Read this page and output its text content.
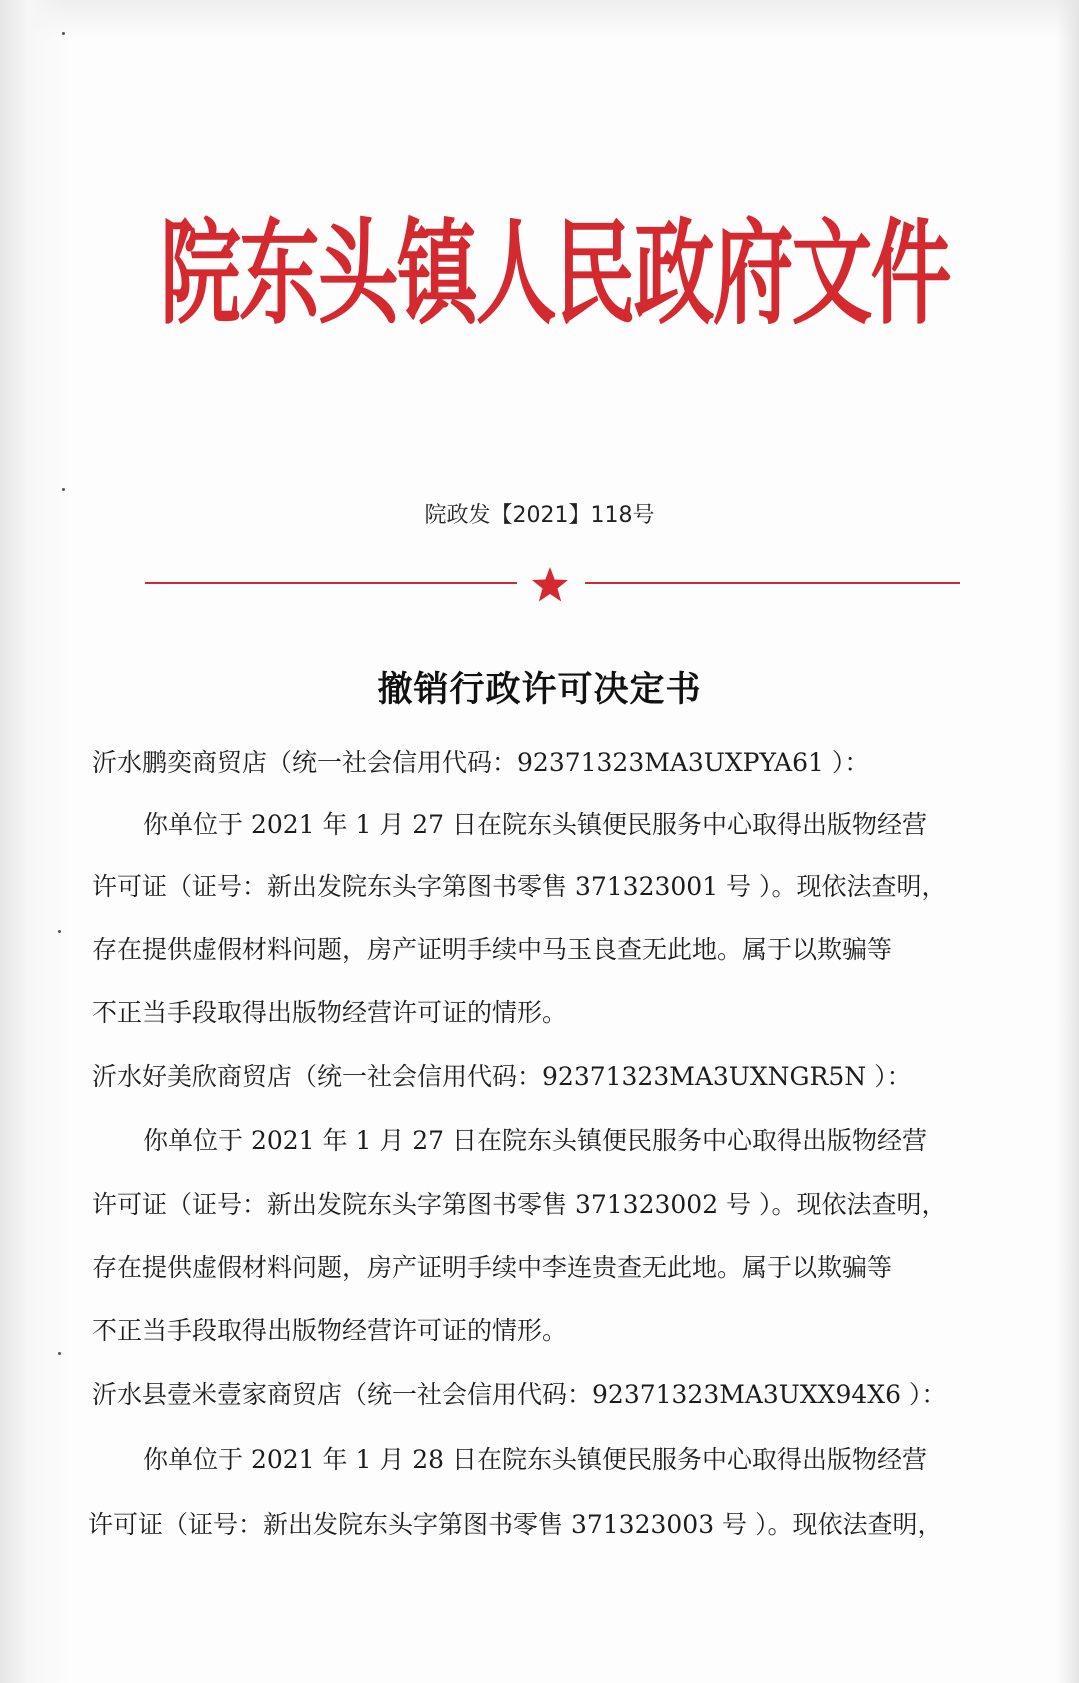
院东头镇人民政府文件
院政发【2021】118号
撤销行政许可决定书
沂水鹏奕商贸店（统一社会信用代码：92371323MA3UXPYA61 ）：
你单位于 2021 年 1 月 27 日在院东头镇便民服务中心取得出版物经营
许可证（证号：新出发院东头字第图书零售 371323001 号 ）。现依法查明，
存在提供虚假材料问题，房产证明手续中马玉良查无此地。属于以欺骗等
不正当手段取得出版物经营许可证的情形。
沂水好美欣商贸店（统一社会信用代码：92371323MA3UXNGR5N ）：
你单位于 2021 年 1 月 27 日在院东头镇便民服务中心取得出版物经营
许可证（证号：新出发院东头字第图书零售 371323002 号 ）。现依法查明，
存在提供虚假材料问题，房产证明手续中李连贵查无此地。属于以欺骗等
不正当手段取得出版物经营许可证的情形。
沂水县壹米壹家商贸店（统一社会信用代码：92371323MA3UXX94X6 ）：
你单位于 2021 年 1 月 28 日在院东头镇便民服务中心取得出版物经营
许可证（证号：新出发院东头字第图书零售 371323003 号 ）。现依法查明，
